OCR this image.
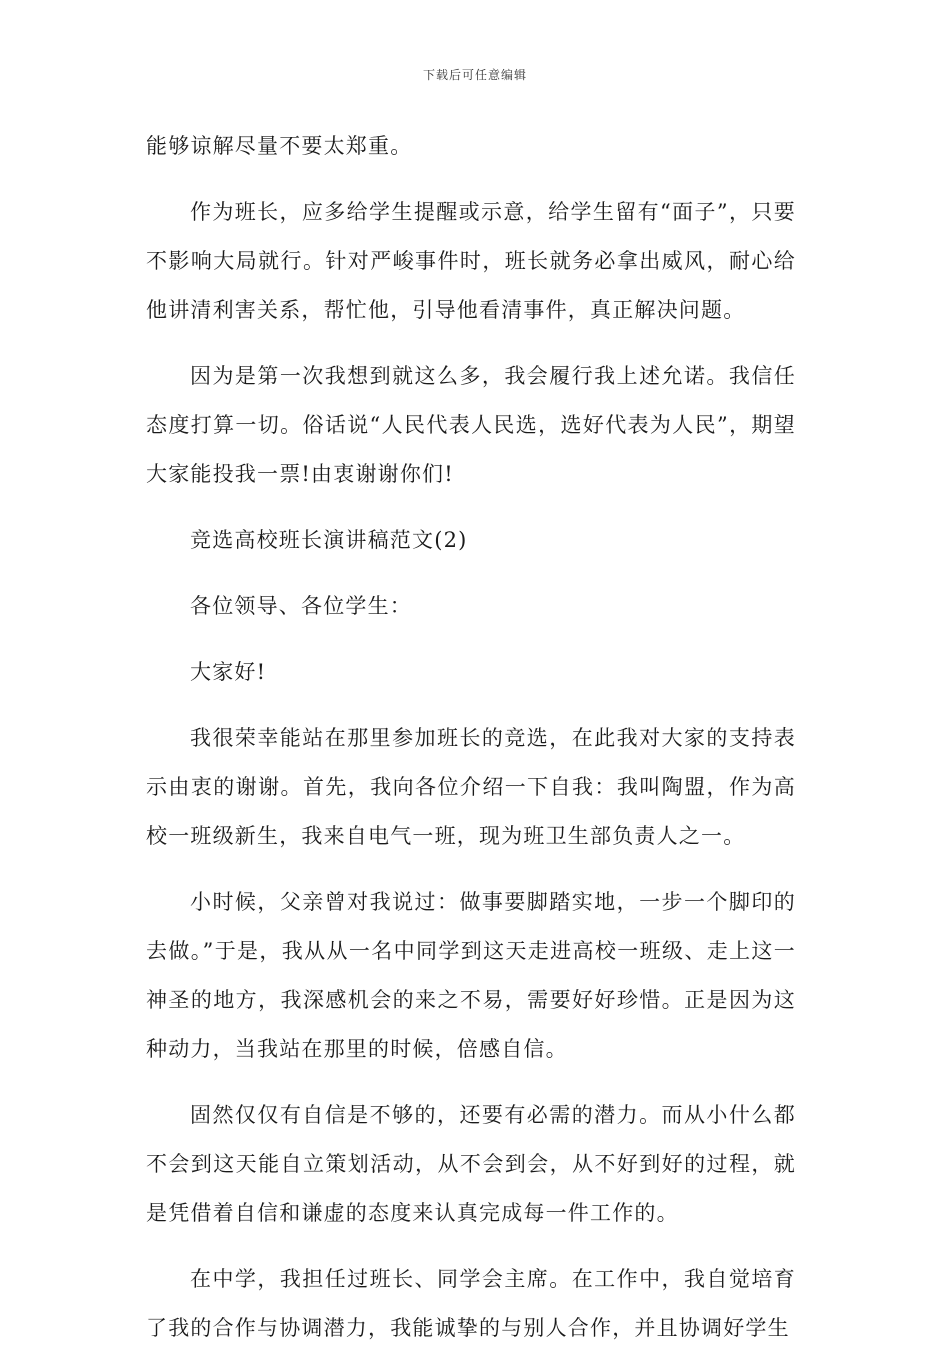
下载后可任意编辑

能够谅解尽量不要太郑重。

作为班长，应多给学生提醒或示意，给学生留有“面子”，只要不影响大局就行。针对严峻事件时，班长就务必拿出威风，耐心给他讲清利害关系，帮忙他，引导他看清事件，真正解决问题。

因为是第一次我想到就这么多，我会履行我上述允诺。我信任态度打算一切。俗话说“人民代表人民选，选好代表为人民”，期望大家能投我一票!由衷谢谢你们!

竞选高校班长演讲稿范文(2)

各位领导、各位学生：

大家好!

我很荣幸能站在那里参加班长的竞选，在此我对大家的支持表示由衷的谢谢。首先，我向各位介绍一下自我：我叫陶盟，作为高校一班级新生，我来自电气一班，现为班卫生部负责人之一。

小时候，父亲曾对我说过：做事要脚踏实地，一步一个脚印的去做。”于是，我从从一名中同学到这天走进高校一班级、走上这一神圣的地方，我深感机会的来之不易，需要好好珍惜。正是因为这种动力，当我站在那里的时候，倍感自信。

固然仅仅有自信是不够的，还要有必需的潜力。而从小什么都不会到这天能自立策划活动，从不会到会，从不好到好的过程，就是凭借着自信和谦虚的态度来认真完成每一件工作的。

在中学，我担任过班长、同学会主席。在工作中，我自觉培育了我的合作与协调潜力，我能诚挚的与别人合作，并且协调好学生
